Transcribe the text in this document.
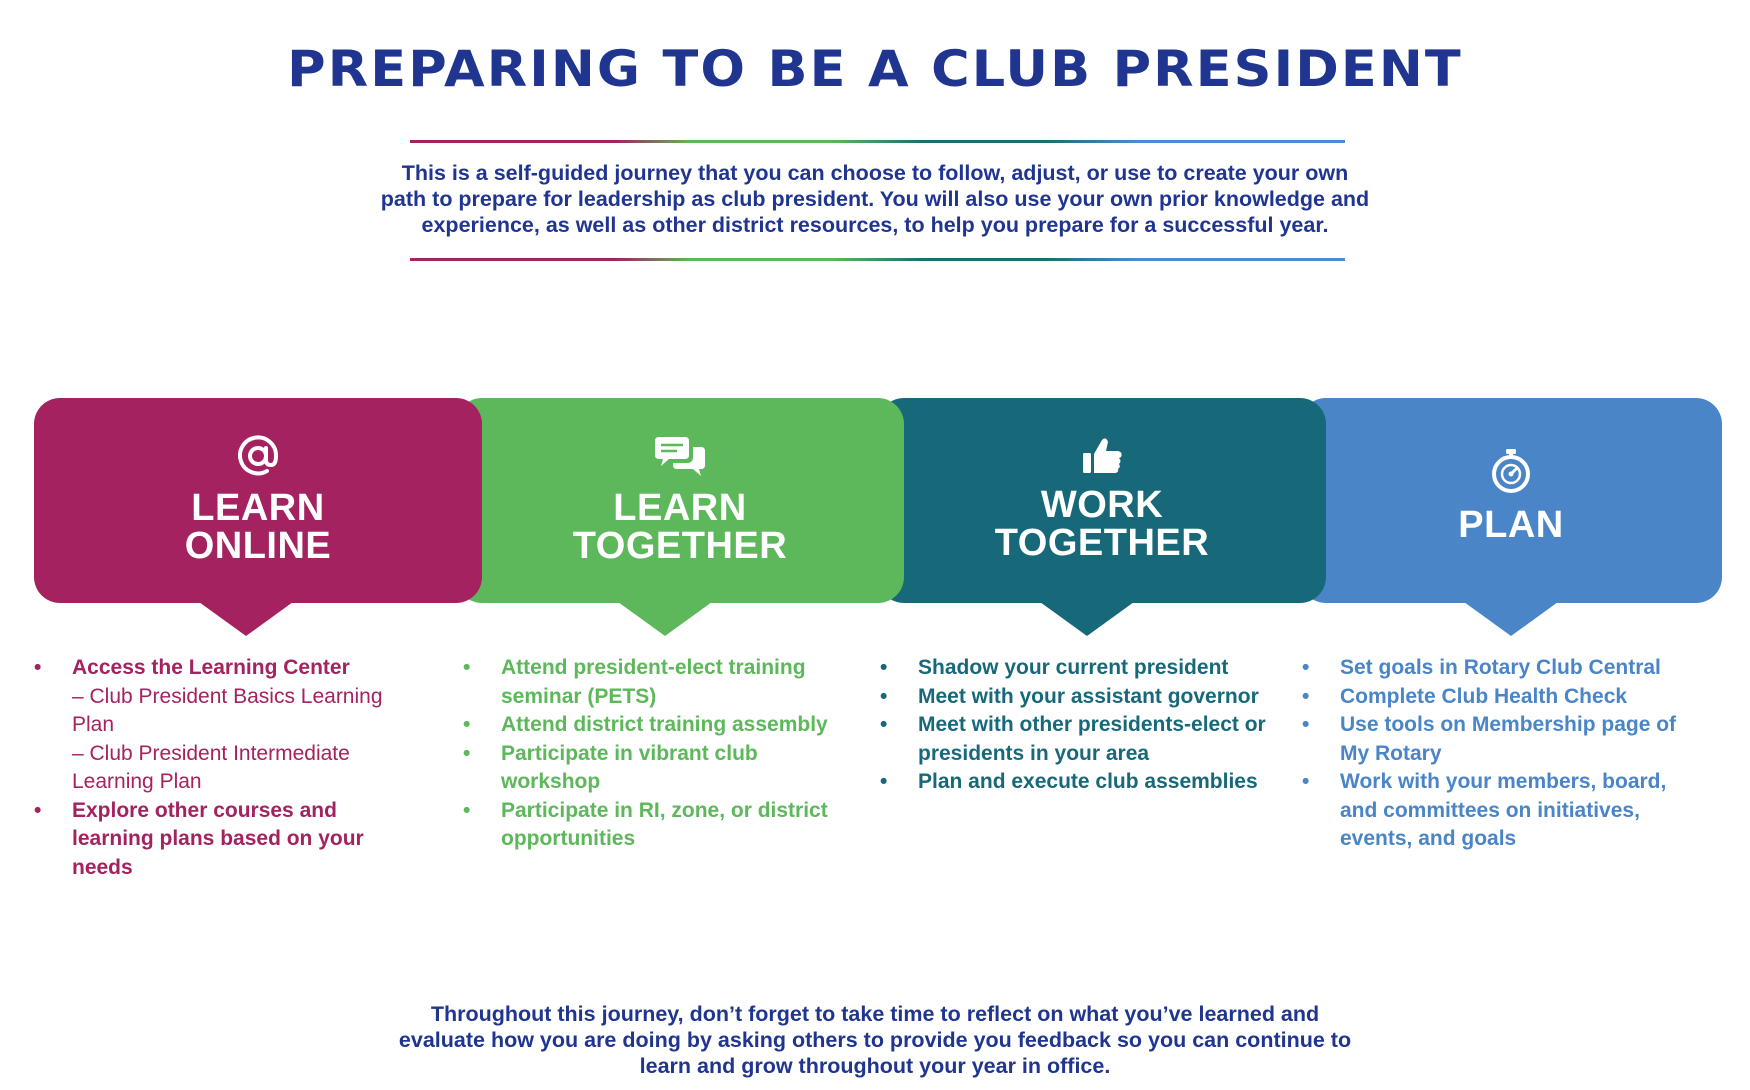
PREPARING TO BE A CLUB PRESIDENT

This is a self-guided journey that you can choose to follow, adjust, or use to create your own path to prepare for leadership as club president. You will also use your own prior knowledge and experience, as well as other district resources, to help you prepare for a successful year.

PLAN
WORK
TOGETHER
LEARN
TOGETHER
LEARN
ONLINE
• Access the Learning Center
– Club President Basics Learning Plan
– Club President Intermediate Learning Plan
• Explore other courses and learning plans based on your needs
• Attend president-elect training seminar (PETS)
• Attend district training assembly
• Participate in vibrant club workshop
• Participate in RI, zone, or district opportunities
• Shadow your current president
• Meet with your assistant governor
• Meet with other presidents-elect or presidents in your area
• Plan and execute club assemblies
• Set goals in Rotary Club Central
• Complete Club Health Check
• Use tools on Membership page of My Rotary
• Work with your members, board, and committees on initiatives, events, and goals

Throughout this journey, don’t forget to take time to reflect on what you’ve learned and evaluate how you are doing by asking others to provide you feedback so you can continue to learn and grow throughout your year in office.
